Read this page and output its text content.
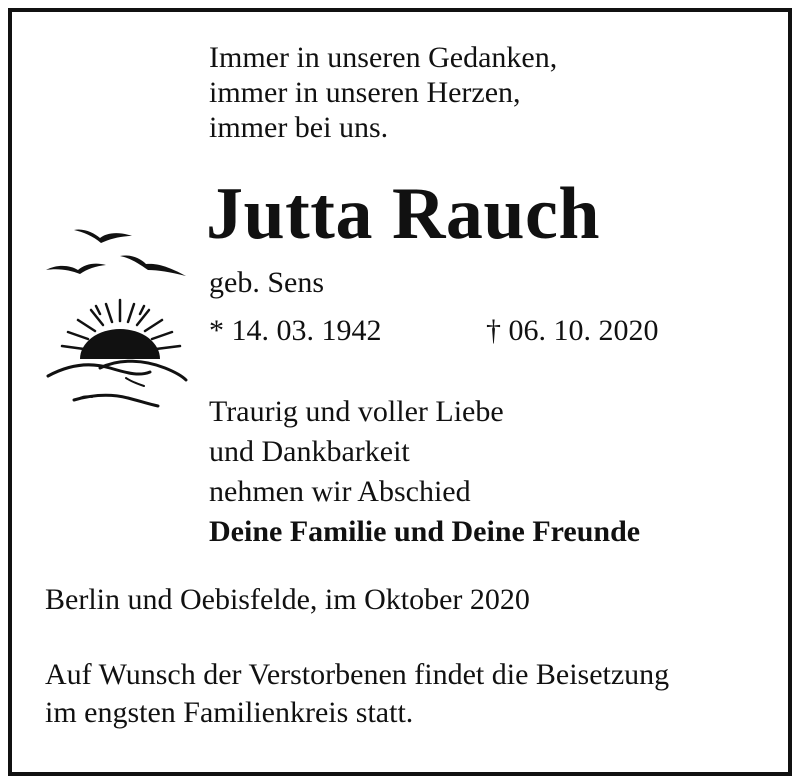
Immer in unseren Gedanken,
immer in unseren Herzen,
immer bei uns.
Jutta Rauch
geb. Sens
* 14. 03. 1942	† 06. 10. 2020
Traurig und voller Liebe
und Dankbarkeit
nehmen wir Abschied
Deine Familie und Deine Freunde
Berlin und Oebisfelde, im Oktober 2020
Auf Wunsch der Verstorbenen findet die Beisetzung
im engsten Familienkreis statt.
